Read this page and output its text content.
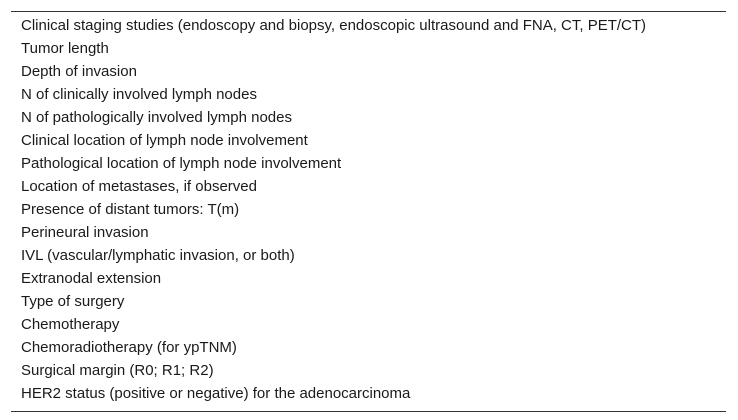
Clinical staging studies (endoscopy and biopsy, endoscopic ultrasound and FNA, CT, PET/CT)
Tumor length
Depth of invasion
N of clinically involved lymph nodes
N of pathologically involved lymph nodes
Clinical location of lymph node involvement
Pathological location of lymph node involvement
Location of metastases, if observed
Presence of distant tumors: T(m)
Perineural invasion
IVL (vascular/lymphatic invasion, or both)
Extranodal extension
Type of surgery
Chemotherapy
Chemoradiotherapy (for ypTNM)
Surgical margin (R0; R1; R2)
HER2 status (positive or negative) for the adenocarcinoma
